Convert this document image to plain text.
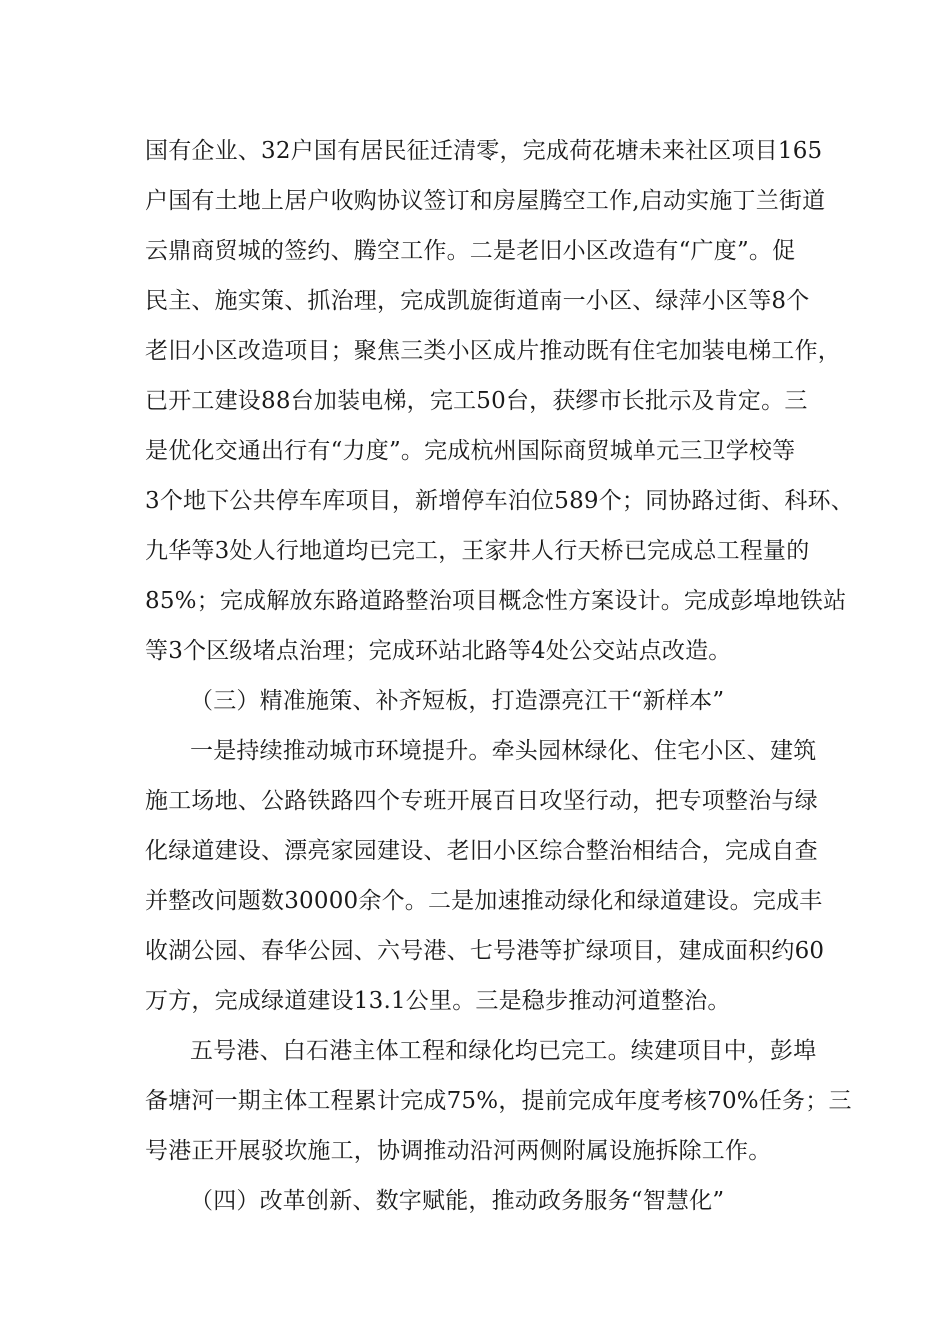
国有企业、32户国有居民征迁清零，完成荷花塘未来社区项目165
户国有土地上居户收购协议签订和房屋腾空工作,启动实施丁兰街道
云鼎商贸城的签约、腾空工作。二是老旧小区改造有“广度”。促
民主、施实策、抓治理，完成凯旋街道南一小区、绿萍小区等8个
老旧小区改造项目；聚焦三类小区成片推动既有住宅加装电梯工作，
已开工建设88台加装电梯，完工50台，获缪市长批示及肯定。三
是优化交通出行有“力度”。完成杭州国际商贸城单元三卫学校等
3个地下公共停车库项目，新增停车泊位589个；同协路过街、科环、
九华等3处人行地道均已完工，王家井人行天桥已完成总工程量的
85%；完成解放东路道路整治项目概念性方案设计。完成彭埠地铁站
等3个区级堵点治理；完成环站北路等4处公交站点改造。
（三）精准施策、补齐短板，打造漂亮江干“新样本”
一是持续推动城市环境提升。牵头园林绿化、住宅小区、建筑
施工场地、公路铁路四个专班开展百日攻坚行动，把专项整治与绿
化绿道建设、漂亮家园建设、老旧小区综合整治相结合，完成自查
并整改问题数30000余个。二是加速推动绿化和绿道建设。完成丰
收湖公园、春华公园、六号港、七号港等扩绿项目，建成面积约60
万方，完成绿道建设13.1公里。三是稳步推动河道整治。
五号港、白石港主体工程和绿化均已完工。续建项目中，彭埠
备塘河一期主体工程累计完成75%，提前完成年度考核70%任务；三
号港正开展驳坎施工，协调推动沿河两侧附属设施拆除工作。
（四）改革创新、数字赋能，推动政务服务“智慧化”
